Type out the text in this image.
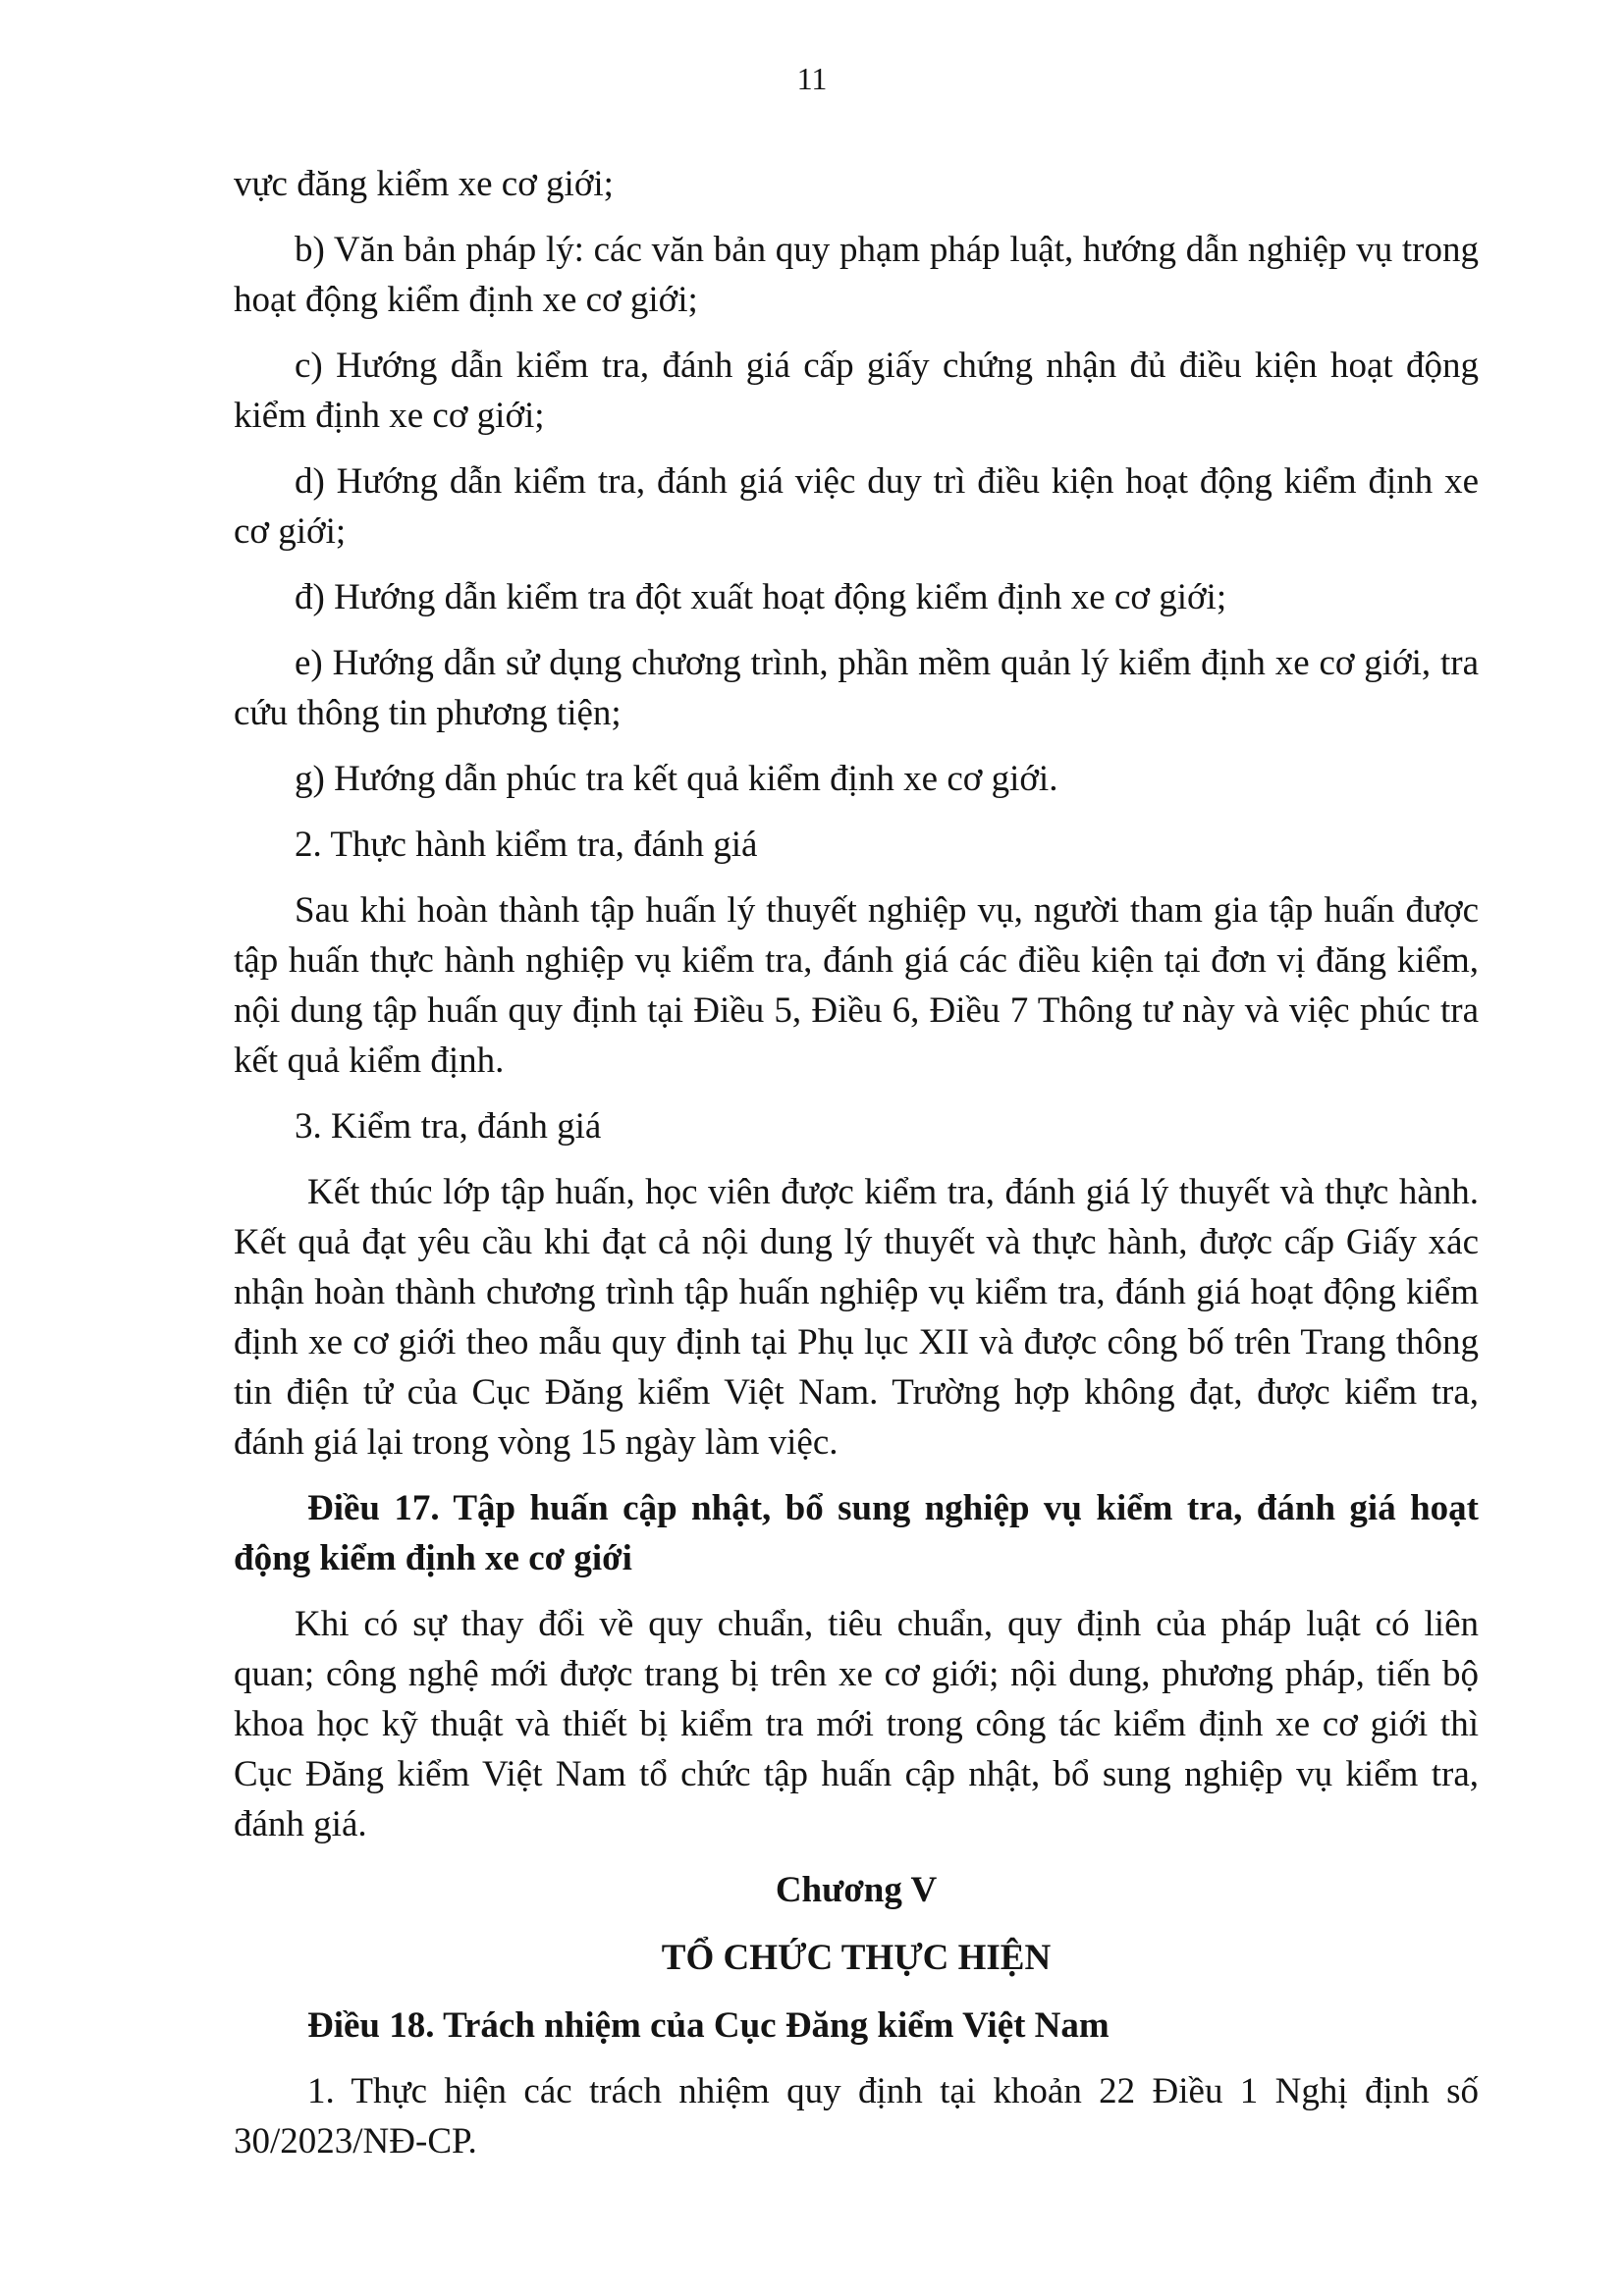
11

vực đăng kiểm xe cơ giới;

b) Văn bản pháp lý: các văn bản quy phạm pháp luật, hướng dẫn nghiệp vụ trong hoạt động kiểm định xe cơ giới;

c) Hướng dẫn kiểm tra, đánh giá cấp giấy chứng nhận đủ điều kiện hoạt động kiểm định xe cơ giới;

d) Hướng dẫn kiểm tra, đánh giá việc duy trì điều kiện hoạt động kiểm định xe cơ giới;

đ) Hướng dẫn kiểm tra đột xuất hoạt động kiểm định xe cơ giới;

e) Hướng dẫn sử dụng chương trình, phần mềm quản lý kiểm định xe cơ giới, tra cứu thông tin phương tiện;

g) Hướng dẫn phúc tra kết quả kiểm định xe cơ giới.

2. Thực hành kiểm tra, đánh giá

Sau khi hoàn thành tập huấn lý thuyết nghiệp vụ, người tham gia tập huấn được tập huấn thực hành nghiệp vụ kiểm tra, đánh giá các điều kiện tại đơn vị đăng kiểm, nội dung tập huấn quy định tại Điều 5, Điều 6, Điều 7 Thông tư này và việc phúc tra kết quả kiểm định.

3. Kiểm tra, đánh giá

Kết thúc lớp tập huấn, học viên được kiểm tra, đánh giá lý thuyết và thực hành. Kết quả đạt yêu cầu khi đạt cả nội dung lý thuyết và thực hành, được cấp Giấy xác nhận hoàn thành chương trình tập huấn nghiệp vụ kiểm tra, đánh giá hoạt động kiểm định xe cơ giới theo mẫu quy định tại Phụ lục XII và được công bố trên Trang thông tin điện tử của Cục Đăng kiểm Việt Nam. Trường hợp không đạt, được kiểm tra, đánh giá lại trong vòng 15 ngày làm việc.

Điều 17. Tập huấn cập nhật, bổ sung nghiệp vụ kiểm tra, đánh giá hoạt động kiểm định xe cơ giới

Khi có sự thay đổi về quy chuẩn, tiêu chuẩn, quy định của pháp luật có liên quan; công nghệ mới được trang bị trên xe cơ giới; nội dung, phương pháp, tiến bộ khoa học kỹ thuật và thiết bị kiểm tra mới trong công tác kiểm định xe cơ giới thì Cục Đăng kiểm Việt Nam tổ chức tập huấn cập nhật, bổ sung nghiệp vụ kiểm tra, đánh giá.

Chương V

TỔ CHỨC THỰC HIỆN

Điều 18. Trách nhiệm của Cục Đăng kiểm Việt Nam

1. Thực hiện các trách nhiệm quy định tại khoản 22 Điều 1 Nghị định số 30/2023/NĐ-CP.
